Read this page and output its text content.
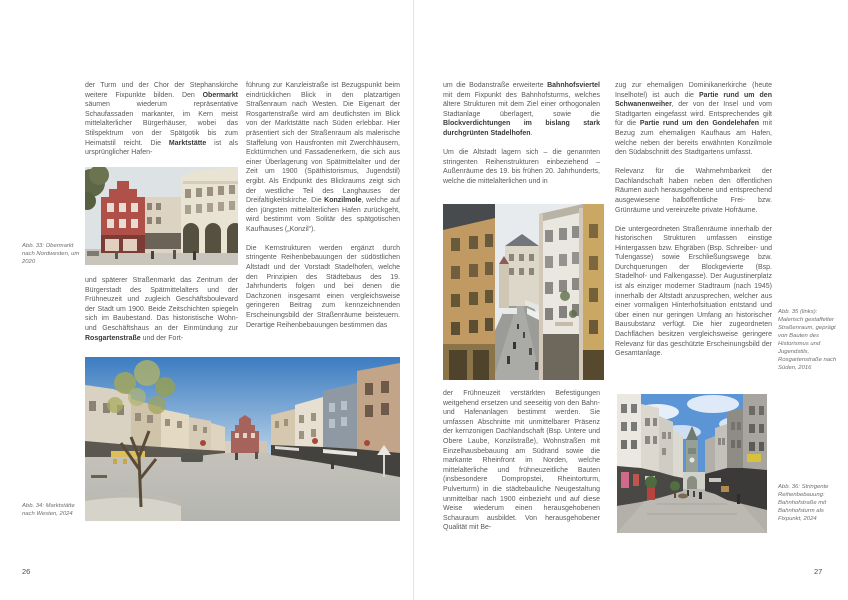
Abb. 33: Obermarkt nach Nordwesten, um 2020

der Turm und der Chor der Stephanskirche weitere Fixpunkte bilden. Den Obermarkt säumen wiederum repräsentative Schaufassaden markanter, im Kern meist mittelalterlicher Bürgerhäuser, wobei das Stilspektrum von der Spätgotik bis zum Heimatstil reicht. Die Marktstätte ist als ursprünglicher Hafen-

und späterer Straßenmarkt das Zentrum der Bürgerstadt des Spätmittelalters und der Frühneuzeit und zugleich Geschäftsboulevard der Stadt um 1900. Beide Zeitschichten spiegeln sich im Baubestand. Das historistische Wohn- und Geschäftshaus an der Einmündung zur Rosgartenstraße und der Fort-

führung zur Kanzleistraße ist Bezugspunkt beim eindrücklichen Blick in den platzartigen Straßenraum nach Westen. Die Eigenart der Rosgartenstraße wird am deutlichsten im Blick von der Marktstätte nach Süden erlebbar. Hier präsentiert sich der Straßenraum als malerische Staffelung von Hausfronten mit Zwerchhäusern, Ecktürmchen und Fassadenerkern, die sich aus einer Überlagerung von Spätmittelalter und der Zeit um 1900 (Späthistorismus, Jugendstil) ergibt. Als Endpunkt des Blickraums zeigt sich der westliche Teil des Langhauses der Dreifaltigkeitskirche. Die Konzilmole, welche auf den jüngsten mittelalterlichen Hafen zurückgeht, wird bestimmt vom Solitär des spätgotischen Kaufhauses („Konzil“).

Die Kernstrukturen werden ergänzt durch stringente Reihenbebauungen der südöstlichen Altstadt und der Vorstadt Stadelhofen, welche den Prinzipien des Städtebaus des 19. Jahrhunderts folgen und bei denen die Dachzonen insgesamt einen vergleichsweise geringeren Beitrag zum kennzeichnenden Erscheinungsbild der Straßenräume beisteuern. Derartige Reihenbebauungen bestimmen das

Abb. 34: Marktstätte nach Westen, 2024
26

um die Bodanstraße erweiterte Bahnhofsviertel mit dem Fixpunkt des Bahnhofsturms, welches ältere Strukturen mit dem Ziel einer orthogonalen Stadtanlage überlagert, sowie die Blockverdichtungen im bislang stark durchgrünten Stadelhofen.

Um die Altstadt lagern sich – die genannten stringenten Reihenstrukturen einbeziehend – Außenräume des 19. bis frühen 20. Jahrhunderts, welche die mittelalterlichen und in

der Frühneuzeit verstärkten Befestigungen weitgehend ersetzen und seeseitig von den Bahn- und Hafenanlagen bestimmt werden. Sie umfassen Abschnitte mit unmittelbarer Präsenz der kernzonigen Dachlandschaft (Bsp. Untere und Obere Laube, Konzilstraße), Wohnstraßen mit Einzelhausbebauung am Südrand sowie die markante Rheinfront im Norden, welche mittelalterliche und frühneuzeitliche Bauten (insbesondere Dompropstei, Rheintorturm, Pulverturm) in die städtebauliche Neugestaltung unmittelbar nach 1900 einbezieht und auf diese Weise wiederum einen herausgehobenen Schauraum ausbildet. Von herausgehobener Qualität mit Be-

zug zur ehemaligen Dominikanerkirche (heute Inselhotel) ist auch die Partie rund um den Schwanenweiher, der von der Insel und vom Stadtgarten eingefasst wird. Entsprechendes gilt für die Partie rund um den Gondelehafen mit Bezug zum ehemaligen Kaufhaus am Hafen, welche neben der bereits erwähnten Konzilmole den Südabschnitt des Stadtgartens umfasst.

Relevanz für die Wahrnehmbarkeit der Dachlandschaft haben neben den öffentlichen Räumen auch herausgehobene und entsprechend ausgewiesene halböffentliche Frei- bzw. Grünräume und vereinzelte private Hofräume.

Die untergeordneten Straßenräume innerhalb der historischen Strukturen umfassen einstige Hintergassen bzw. Ehgräben (Bsp. Schreiber- und Tulengasse) sowie Erschließungswege bzw. Durchquerungen der Blockgevierte (Bsp. Stadelhof- und Falkengasse). Der Augustinerplatz ist als einziger moderner Stadtraum (nach 1945) innerhalb der Altstadt anzusprechen, welcher aus einer vormaligen Hinterhofsituation entstand und über einen nur geringen Umfang an historischer Bausubstanz verfügt. Die hier zugeordneten Dachflächen besitzen vergleichsweise geringere Relevanz für das geschützte Erscheinungsbild der Gesamtanlage.

Abb. 35 (links): Malerisch gestaffelter Straßenraum, geprägt von Bauten des Historismus und Jugendstils, Rosgartenstraße nach Süden, 2016
Abb. 36: Stringente Reihenbebauung: Bahnhofstraße mit Bahnhofsturm als Fixpunkt, 2024
27
